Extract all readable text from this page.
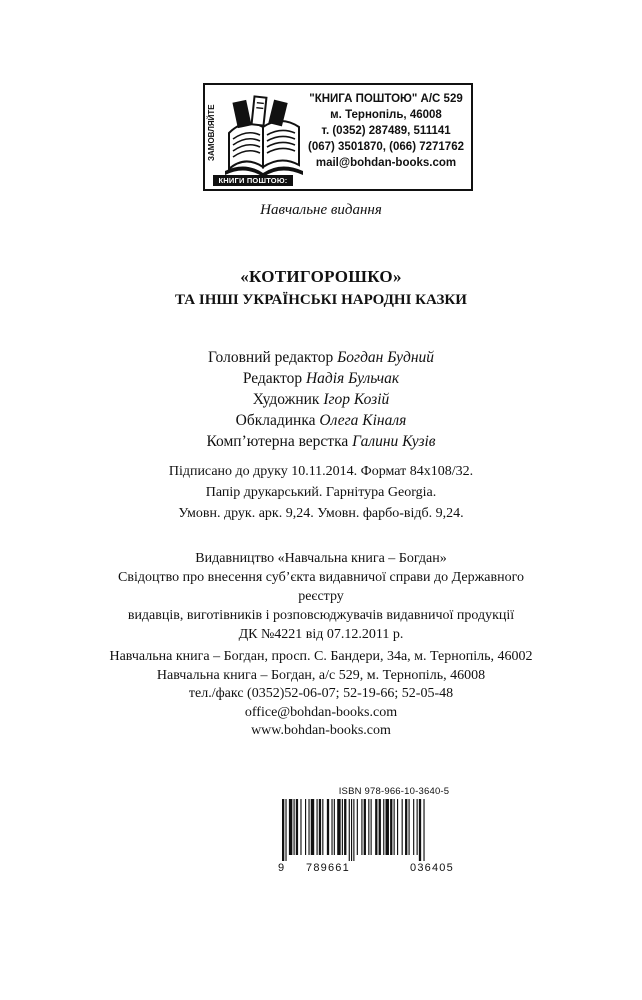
ЗАМОВЛЯЙТЕ
КНИГИ ПОШТОЮ:
"КНИГА ПОШТОЮ" А/С 529
м. Тернопіль, 46008
т. (0352) 287489, 511141
(067) 3501870, (066) 7271762
mail@bohdan-books.com
Навчальне видання
«КОТИГОРОШКО»
ТА ІНШІ УКРАЇНСЬКІ НАРОДНІ КАЗКИ
Головний редактор Богдан Будний
Редактор Надія Бульчак
Художник Ігор Козій
Обкладинка Олега Кіналя
Комп’ютерна верстка Галини Кузів
Підписано до друку 10.11.2014. Формат 84х108/32.
Папір друкарський. Гарнітура Georgia.
Умовн. друк. арк. 9,24. Умовн. фарбо-відб. 9,24.
Видавництво «Навчальна книга – Богдан»
Свідоцтво про внесення суб’єкта видавничої справи до Державного
реєстру
видавців, виготівників і розповсюджувачів видавничої продукції
ДК №4221 від 07.12.2011 р.
Навчальна книга – Богдан, просп. С. Бандери, 34а, м. Тернопіль, 46002
Навчальна книга – Богдан, а/с 529, м. Тернопіль, 46008
тел./факс (0352)52-06-07; 52-19-66; 52-05-48
office@bohdan-books.com
www.bohdan-books.com
ISBN 978-966-10-3640-5
9 789661	036405
